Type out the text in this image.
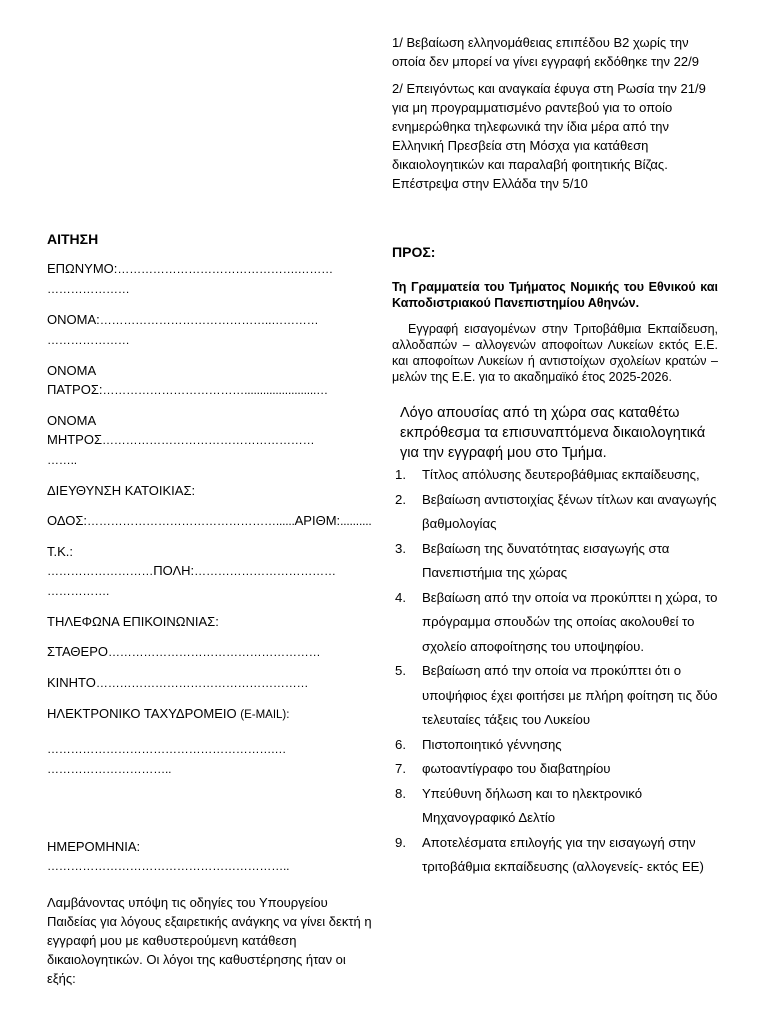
ΑΙΤΗΣΗ

ΕΠΩΝΥΜΟ:……………………………………….……… …………………

ΟΝΟΜΑ:……………………………………..………… …………………

ΟΝΟΜΑ ΠΑΤΡΟΣ:……………………………….......................…

ΟΝΟΜΑ ΜΗΤΡΟΣ……………………………………………… ……..

ΔΙΕΥΘΥΝΣΗ ΚΑΤΟΙΚΙΑΣ:

ΟΔΟΣ:…………………………………………......ΑΡΙΘΜ:..........

Τ.Κ.:
………………………ΠΟΛΗ:……………………………… …………….

ΤΗΛΕΦΩΝΑ ΕΠΙΚΟΙΝΩΝΙΑΣ:

ΣΤΑΘΕΡΟ………………………………………………

ΚΙΝΗΤΟ………………………………………………

ΗΛΕΚΤΡΟΝΙΚΟ ΤΑΧΥΔΡΟΜΕΙΟ (E-MAIL):

………………………………………………….… …………………………..

ΗΜΕΡΟΜΗΝΙΑ:
……………………………………………………..

Λαμβάνοντας υπόψη τις οδηγίες του Υπουργείου Παιδείας για λόγους εξαιρετικής ανάγκης να γίνει δεκτή η εγγραφή μου με καθυστερούμενη κατάθεση δικαιολογητικών. Οι λόγοι της καθυστέρησης ήταν οι εξής:

1/ Βεβαίωση ελληνομάθειας επιπέδου Β2 χωρίς την οποία δεν μπορεί να γίνει εγγραφή εκδόθηκε την 22/9

2/ Επειγόντως και αναγκαία έφυγα στη Ρωσία την 21/9 για μη προγραμματισμένο ραντεβού για το οποίο ενημερώθηκα τηλεφωνικά την ίδια μέρα από την Ελληνική Πρεσβεία στη Μόσχα για κατάθεση δικαιολογητικών και παραλαβή φοιτητικής Βίζας. Επέστρεψα στην Ελλάδα την 5/10

ΠΡΟΣ:

Τη Γραμματεία του Τμήματος Νομικής του Εθνικού και Καποδιστριακού Πανεπιστημίου Αθηνών.

Εγγραφή εισαγομένων στην Τριτοβάθμια Εκπαίδευση, αλλοδαπών – αλλογενών αποφοίτων Λυκείων εκτός Ε.Ε. και αποφοίτων Λυκείων ή αντιστοίχων σχολείων κρατών – μελών της Ε.Ε. για το ακαδημαϊκό έτος 2025-2026.

Λόγο απουσίας από τη χώρα σας καταθέτω εκπρόθεσμα τα επισυναπτόμενα δικαιολογητικά για την εγγραφή μου στο Τμήμα.

1.	Τίτλος απόλυσης δευτεροβάθμιας εκπαίδευσης,
2.	Βεβαίωση αντιστοιχίας ξένων τίτλων και αναγωγής βαθμολογίας
3.	Βεβαίωση της δυνατότητας εισαγωγής στα Πανεπιστήμια της χώρας
4.	Βεβαίωση από την οποία να προκύπτει η χώρα, το πρόγραμμα σπουδών της οποίας ακολουθεί το σχολείο αποφοίτησης του υποψηφίου.
5.	Βεβαίωση από την οποία να προκύπτει ότι ο υποψήφιος έχει φοιτήσει με πλήρη φοίτηση τις δύο τελευταίες τάξεις του Λυκείου
6.	Πιστοποιητικό γέννησης
7.	φωτοαντίγραφο του διαβατηρίου
8.	Υπεύθυνη δήλωση και το ηλεκτρονικό Μηχανογραφικό Δελτίο
9.	Αποτελέσματα επιλογής για την εισαγωγή στην τριτοβάθμια εκπαίδευσης (αλλογενείς- εκτός ΕΕ)
